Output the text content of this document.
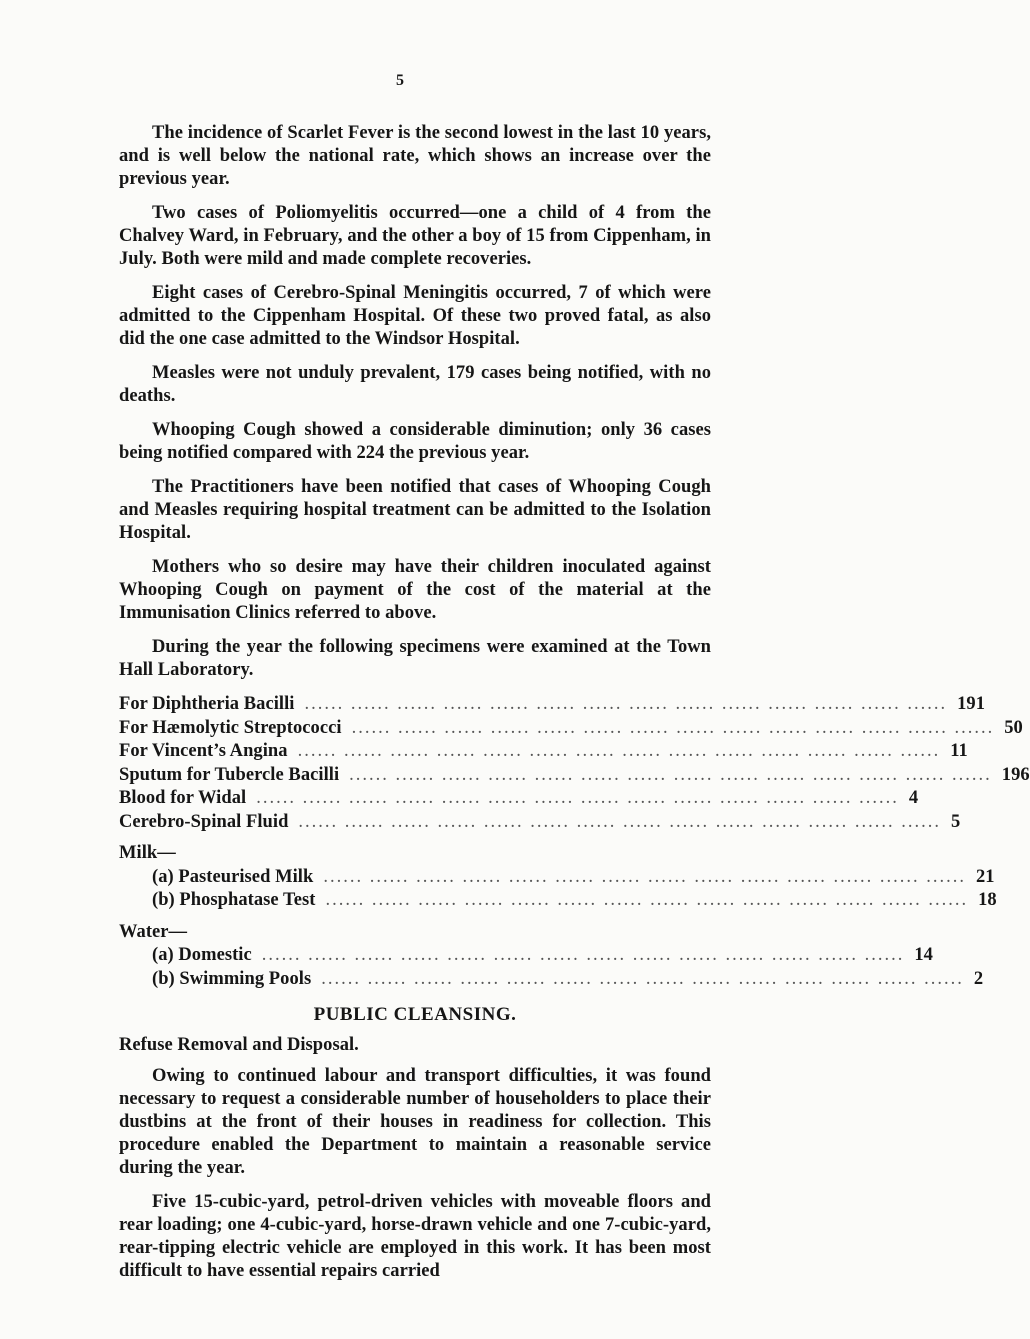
5

The incidence of Scarlet Fever is the second lowest in the last 10 years, and is well below the national rate, which shows an increase over the previous year.

Two cases of Poliomyelitis occurred—one a child of 4 from the Chalvey Ward, in February, and the other a boy of 15 from Cippenham, in July. Both were mild and made complete recoveries.

Eight cases of Cerebro-Spinal Meningitis occurred, 7 of which were admitted to the Cippenham Hospital. Of these two proved fatal, as also did the one case admitted to the Windsor Hospital.

Measles were not unduly prevalent, 179 cases being notified, with no deaths.

Whooping Cough showed a considerable diminution; only 36 cases being notified compared with 224 the previous year.

The Practitioners have been notified that cases of Whooping Cough and Measles requiring hospital treatment can be admitted to the Isolation Hospital.

Mothers who so desire may have their children inoculated against Whooping Cough on payment of the cost of the material at the Immunisation Clinics referred to above.

During the year the following specimens were examined at the Town Hall Laboratory.

For Diphtheria Bacilli ...... ...... ...... ...... ...... ...... ...... ...... ...... ...... ...... ...... ...... ...... 191
For Hæmolytic Streptococci ...... ...... ...... ...... ...... ...... ...... ...... ...... ...... ...... ...... ...... ...... 50
For Vincent’s Angina ...... ...... ...... ...... ...... ...... ...... ...... ...... ...... ...... ...... ...... ...... 11
Sputum for Tubercle Bacilli ...... ...... ...... ...... ...... ...... ...... ...... ...... ...... ...... ...... ...... ...... 196
Blood for Widal ...... ...... ...... ...... ...... ...... ...... ...... ...... ...... ...... ...... ...... ...... 4
Cerebro-Spinal Fluid ...... ...... ...... ...... ...... ...... ...... ...... ...... ...... ...... ...... ...... ...... 5
Milk—
(a) Pasteurised Milk ...... ...... ...... ...... ...... ...... ...... ...... ...... ...... ...... ...... ...... ...... 21
(b) Phosphatase Test ...... ...... ...... ...... ...... ...... ...... ...... ...... ...... ...... ...... ...... ...... 18
Water—
(a) Domestic ...... ...... ...... ...... ...... ...... ...... ...... ...... ...... ...... ...... ...... ...... 14
(b) Swimming Pools ...... ...... ...... ...... ...... ...... ...... ...... ...... ...... ...... ...... ...... ...... 2
PUBLIC CLEANSING.
Refuse Removal and Disposal.

Owing to continued labour and transport difficulties, it was found necessary to request a considerable number of householders to place their dustbins at the front of their houses in readiness for collection. This procedure enabled the Department to maintain a reasonable service during the year.

Five 15-cubic-yard, petrol-driven vehicles with moveable floors and rear loading; one 4-cubic-yard, horse-drawn vehicle and one 7-cubic-yard, rear-tipping electric vehicle are employed in this work. It has been most difficult to have essential repairs carried
